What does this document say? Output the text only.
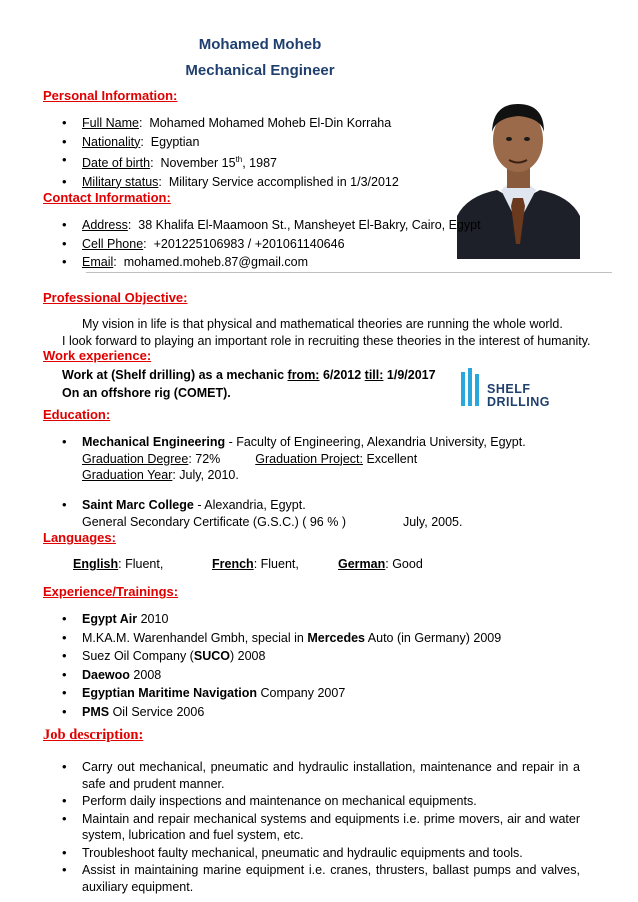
Mohamed Moheb
Mechanical Engineer
Personal Information:
• Full Name:  Mohamed Mohamed Moheb El-Din Korraha
• Nationality:  Egyptian
• Date of birth:  November 15th, 1987
• Military status:  Military Service accomplished in 1/3/2012
Contact Information:
• Address:  38 Khalifa El-Maamoon St., Mansheyet El-Bakry, Cairo, Egypt
• Cell Phone:  +201225106983 / +201061140646
• Email:  mohamed.moheb.87@gmail.com
Professional Objective:
My vision in life is that physical and mathematical theories are running the whole world.
I look forward to playing an important role in recruiting these theories in the interest of humanity.
Work experience:
Work at (Shelf drilling) as a mechanic from: 6/2012 till: 1/9/2017
On an offshore rig (COMET).	SHELF
DRILLING
Education:
• Mechanical Engineering - Faculty of Engineering, Alexandria University, Egypt.
Graduation Degree: 72%	Graduation Project: Excellent
Graduation Year: July, 2010.
• Saint Marc College - Alexandria, Egypt.
General Secondary Certificate (G.S.C.) ( 96 % )	July, 2005.
Languages:
English: Fluent,	French: Fluent,	German: Good
Experience/Trainings:
• Egypt Air 2010
• M.KA.M. Warenhandel Gmbh, special in Mercedes Auto (in Germany) 2009
• Suez Oil Company (SUCO) 2008
• Daewoo 2008
• Egyptian Maritime Navigation Company 2007
• PMS Oil Service 2006
Job description:
• Carry out mechanical, pneumatic and hydraulic installation, maintenance and repair in a safe and prudent manner.
• Perform daily inspections and maintenance on mechanical equipments.
• Maintain and repair mechanical systems and equipments i.e. prime movers, air and water system, lubrication and fuel system, etc.
• Troubleshoot faulty mechanical, pneumatic and hydraulic equipments and tools.
• Assist in maintaining marine equipment i.e. cranes, thrusters, ballast pumps and valves, auxiliary equipment.
